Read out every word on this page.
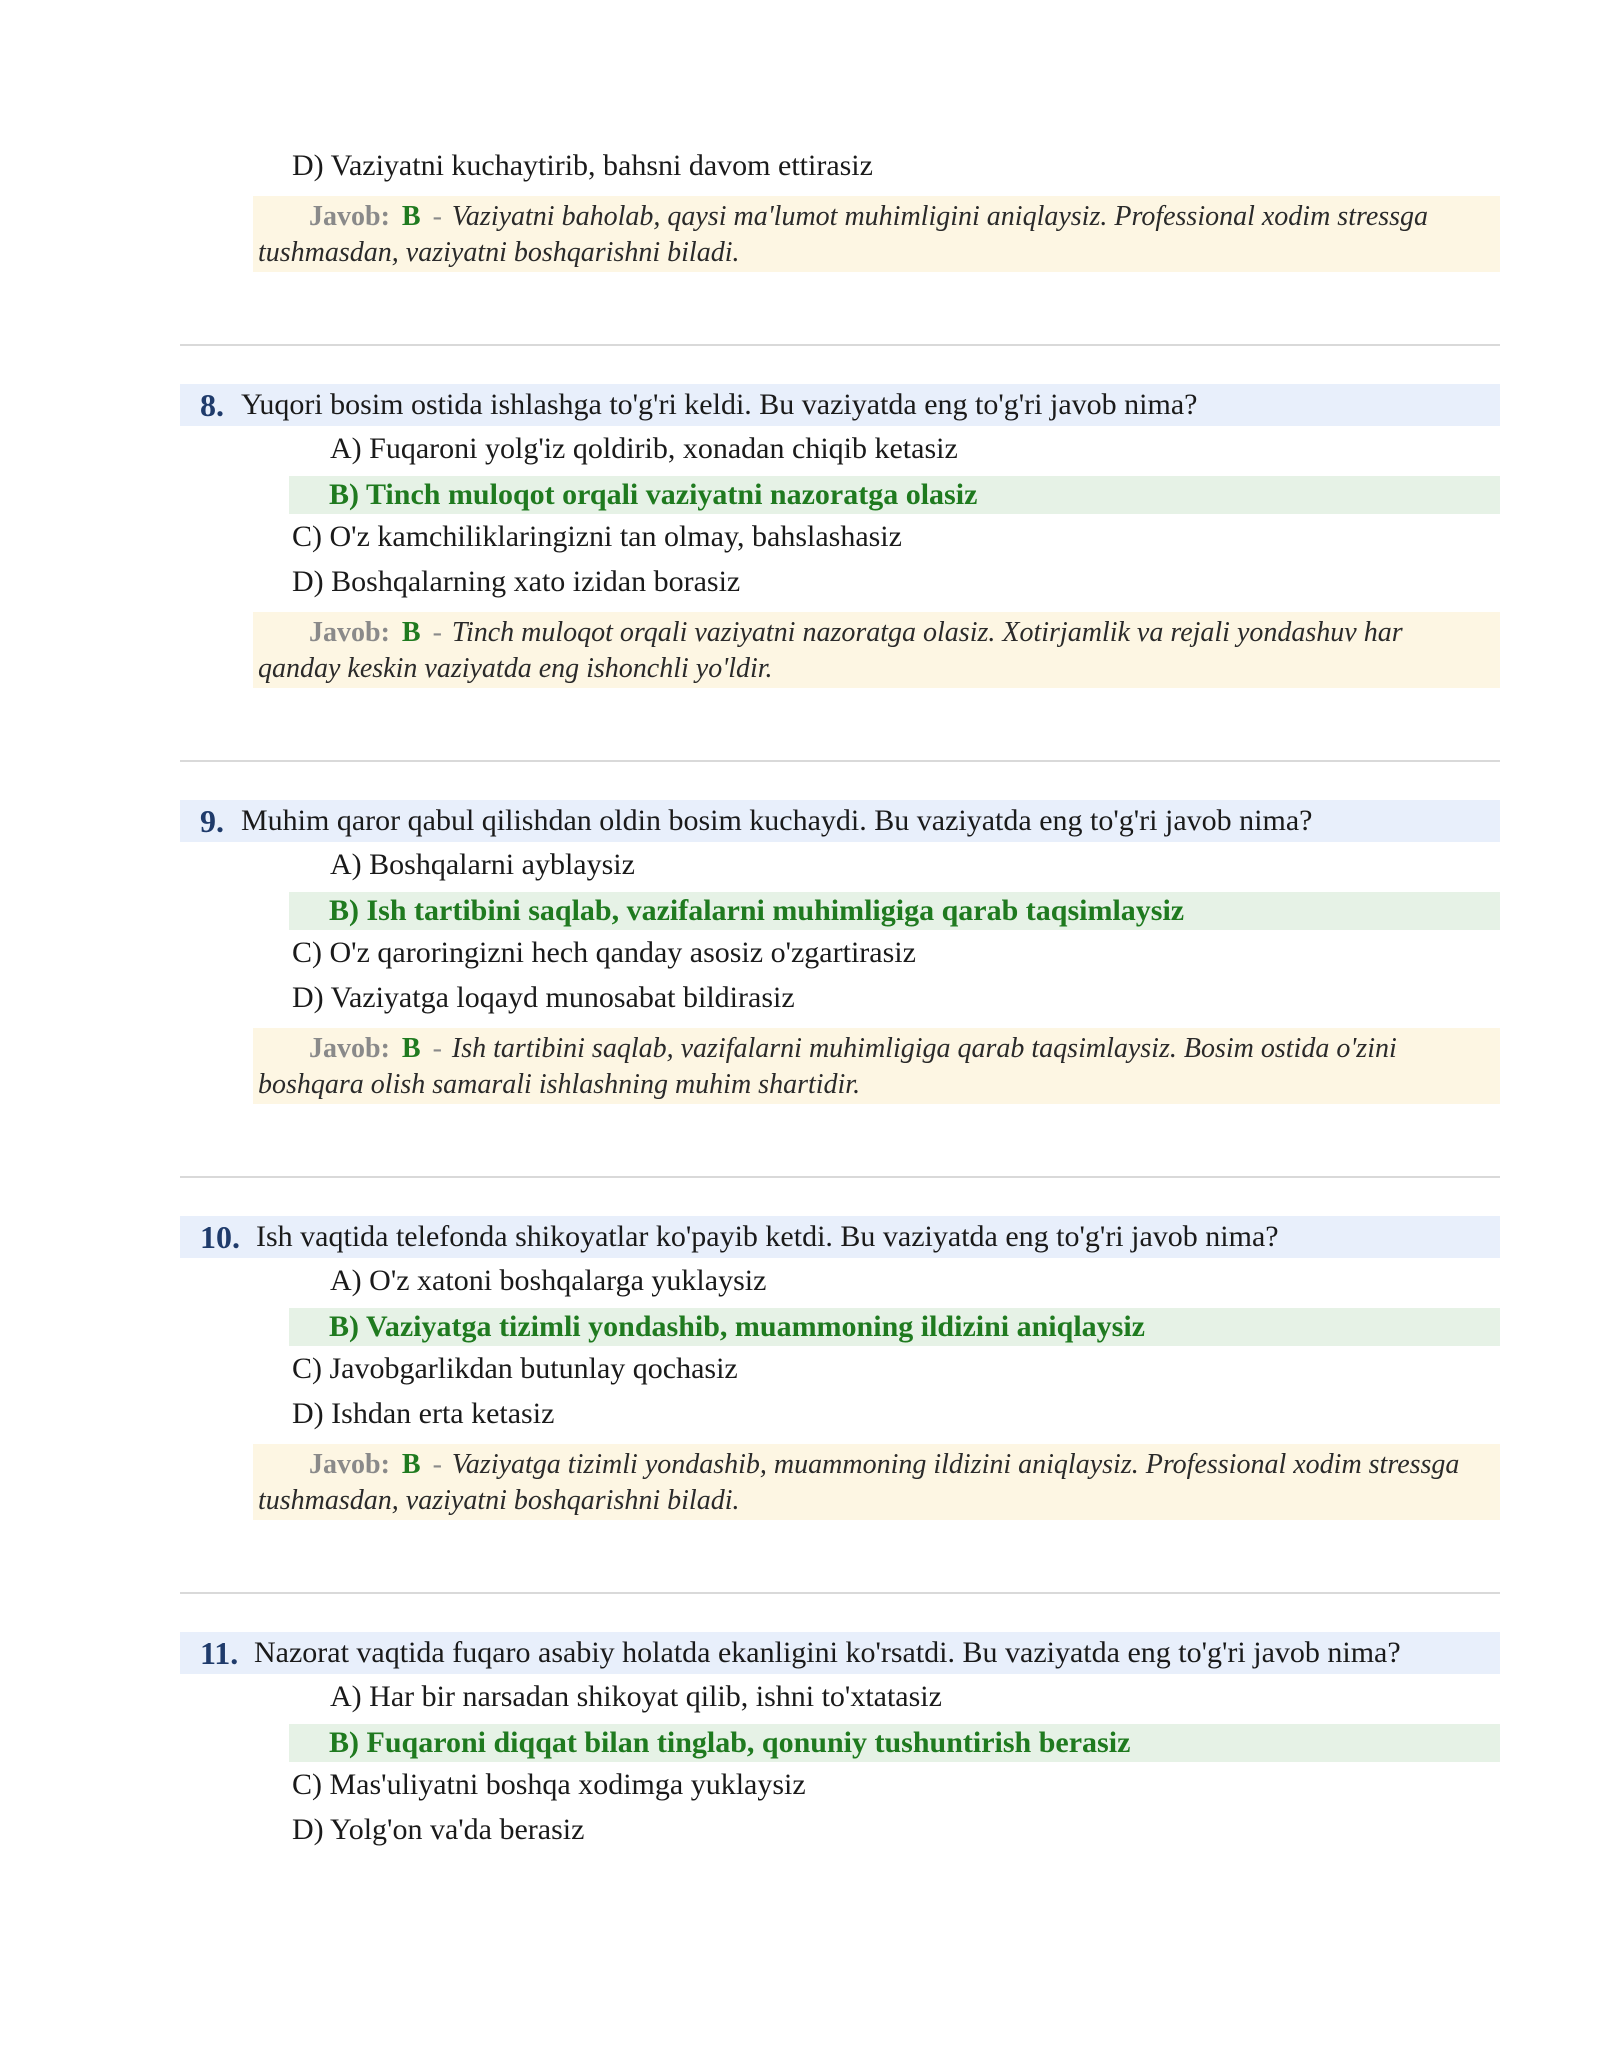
D) Vaziyatni kuchaytirib, bahsni davom ettirasiz
Javob: B - Vaziyatni baholab, qaysi ma'lumot muhimligini aniqlaysiz. Professional xodim stressga tushmasdan, vaziyatni boshqarishni biladi.
8. Yuqori bosim ostida ishlashga to'g'ri keldi. Bu vaziyatda eng to'g'ri javob nima?
A) Fuqaroni yolg'iz qoldirib, xonadan chiqib ketasiz
B) Tinch muloqot orqali vaziyatni nazoratga olasiz
C) O'z kamchiliklaringizni tan olmay, bahslashasiz
D) Boshqalarning xato izidan borasiz
Javob: B - Tinch muloqot orqali vaziyatni nazoratga olasiz. Xotirjamlik va rejali yondashuv har qanday keskin vaziyatda eng ishonchli yo'ldir.
9. Muhim qaror qabul qilishdan oldin bosim kuchaydi. Bu vaziyatda eng to'g'ri javob nima?
A) Boshqalarni ayblaysiz
B) Ish tartibini saqlab, vazifalarni muhimligiga qarab taqsimlaysiz
C) O'z qaroringizni hech qanday asosiz o'zgartirasiz
D) Vaziyatga loqayd munosabat bildirasiz
Javob: B - Ish tartibini saqlab, vazifalarni muhimligiga qarab taqsimlaysiz. Bosim ostida o'zini boshqara olish samarali ishlashning muhim shartidir.
10. Ish vaqtida telefonda shikoyatlar ko'payib ketdi. Bu vaziyatda eng to'g'ri javob nima?
A) O'z xatoni boshqalarga yuklaysiz
B) Vaziyatga tizimli yondashib, muammoning ildizini aniqlaysiz
C) Javobgarlikdan butunlay qochasiz
D) Ishdan erta ketasiz
Javob: B - Vaziyatga tizimli yondashib, muammoning ildizini aniqlaysiz. Professional xodim stressga tushmasdan, vaziyatni boshqarishni biladi.
11. Nazorat vaqtida fuqaro asabiy holatda ekanligini ko'rsatdi. Bu vaziyatda eng to'g'ri javob nima?
A) Har bir narsadan shikoyat qilib, ishni to'xtatasiz
B) Fuqaroni diqqat bilan tinglab, qonuniy tushuntirish berasiz
C) Mas'uliyatni boshqa xodimga yuklaysiz
D) Yolg'on va'da berasiz
